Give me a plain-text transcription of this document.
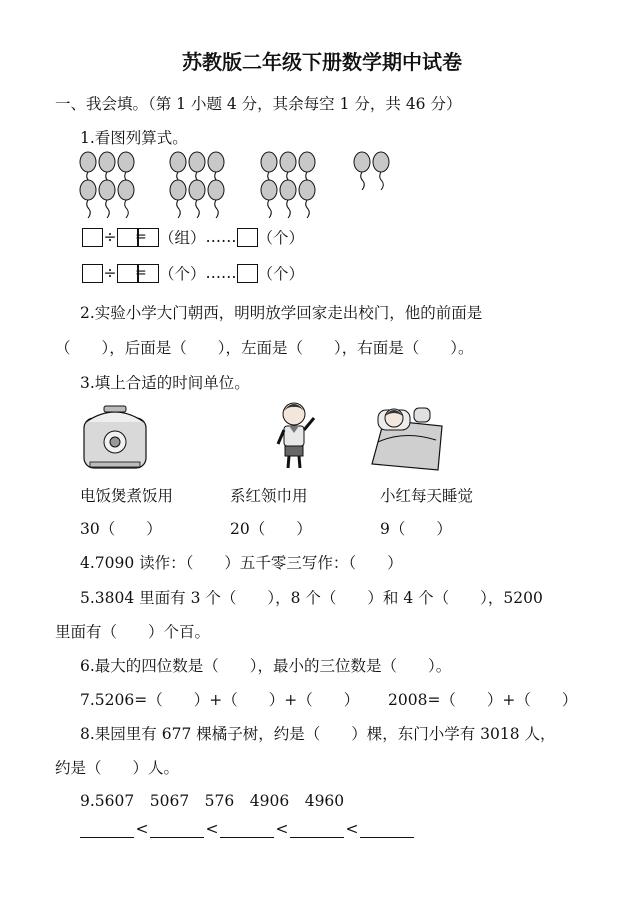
苏教版二年级下册数学期中试卷
一、我会填。（第 1 小题 4 分，其余每空 1 分，共 46 分）
1.看图列算式。
÷ = （组）…… （个）
÷ = （个）…… （个）
2.实验小学大门朝西，明明放学回家走出校门，他的前面是
（　　），后面是（　　），左面是（　　），右面是（　　）。
3.填上合适的时间单位。
电饭煲煮饭用	系红领巾用	小红每天睡觉
30（　　）	20（　　）	9（　　）
4.7090 读作：（　　）五千零三写作：（　　）
5.3804 里面有 3 个（　　），8 个（　　）和 4 个（　　），5200
里面有（　　）个百。
6.最大的四位数是（　　），最小的三位数是（　　）。
7.5206=（　　）+（　　）+（　　） 2008=（　　）+（　　）
8.果园里有 677 棵橘子树，约是（　　）棵，东门小学有 3018 人，
约是（　　）人。
9.5607　5067　576　4906　4960
<	<	<	<
